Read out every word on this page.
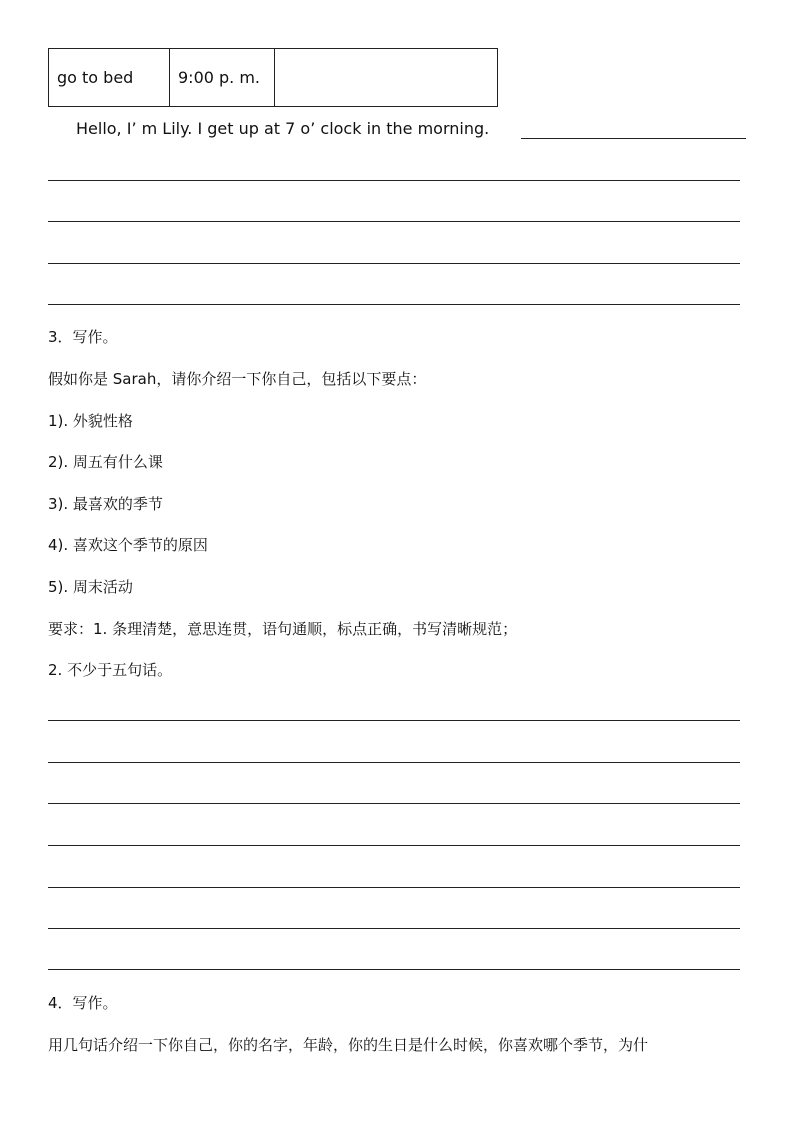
go to bed	9:00 p. m.	
Hello, I’ m Lily. I get up at 7 o’ clock in the morning.
3．写作。
假如你是 Sarah，请你介绍一下你自己，包括以下要点：
1). 外貌性格
2). 周五有什么课
3). 最喜欢的季节
4). 喜欢这个季节的原因
5). 周末活动
要求：1. 条理清楚，意思连贯，语句通顺，标点正确，书写清晰规范；
2. 不少于五句话。
4．写作。
用几句话介绍一下你自己，你的名字，年龄，你的生日是什么时候，你喜欢哪个季节，为什
